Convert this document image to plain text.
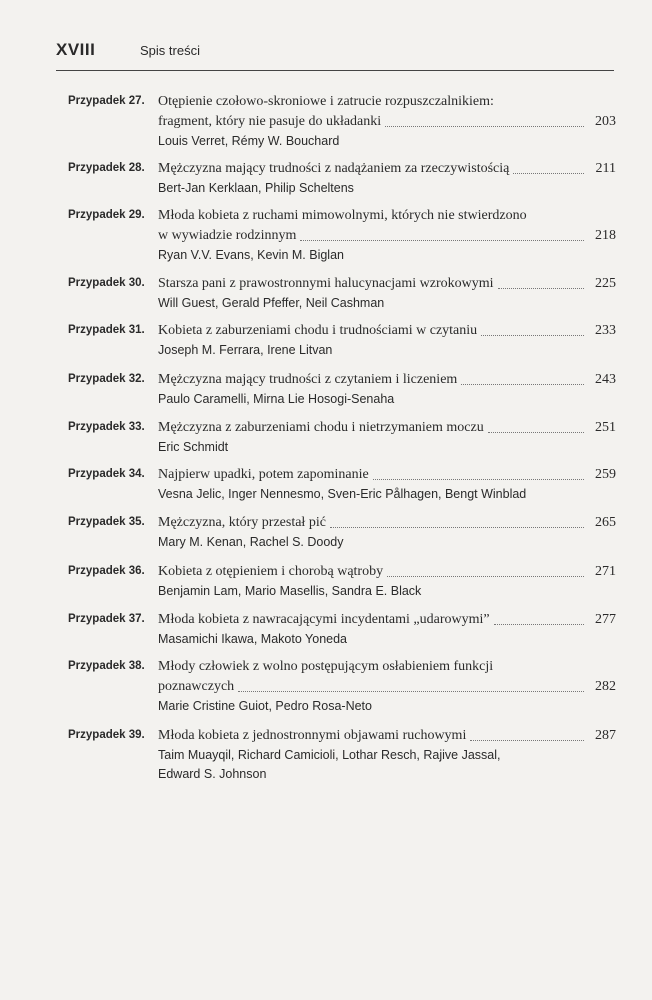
XVIII	Spis treści
Przypadek 27. Otępienie czołowo-skroniowe i zatrucie rozpuszczalnikiem:
fragment, który nie pasuje do układanki	203
Louis Verret, Rémy W. Bouchard
Przypadek 28. Mężczyzna mający trudności z nadążaniem za rzeczywistością	211
Bert-Jan Kerklaan, Philip Scheltens
Przypadek 29. Młoda kobieta z ruchami mimowolnymi, których nie stwierdzono
w wywiadzie rodzinnym	218
Ryan V.V. Evans, Kevin M. Biglan
Przypadek 30. Starsza pani z prawostronnymi halucynacjami wzrokowymi	225
Will Guest, Gerald Pfeffer, Neil Cashman
Przypadek 31. Kobieta z zaburzeniami chodu i trudnościami w czytaniu	233
Joseph M. Ferrara, Irene Litvan
Przypadek 32. Mężczyzna mający trudności z czytaniem i liczeniem	243
Paulo Caramelli, Mirna Lie Hosogi-Senaha
Przypadek 33. Mężczyzna z zaburzeniami chodu i nietrzymaniem moczu	251
Eric Schmidt
Przypadek 34. Najpierw upadki, potem zapominanie	259
Vesna Jelic, Inger Nennesmo, Sven-Eric Pålhagen, Bengt Winblad
Przypadek 35. Mężczyzna, który przestał pić	265
Mary M. Kenan, Rachel S. Doody
Przypadek 36. Kobieta z otępieniem i chorobą wątroby	271
Benjamin Lam, Mario Masellis, Sandra E. Black
Przypadek 37. Młoda kobieta z nawracającymi incydentami „udarowymi”	277
Masamichi Ikawa, Makoto Yoneda
Przypadek 38. Młody człowiek z wolno postępującym osłabieniem funkcji
poznawczych	282
Marie Cristine Guiot, Pedro Rosa-Neto
Przypadek 39. Młoda kobieta z jednostronnymi objawami ruchowymi	287
Taim Muayqil, Richard Camicioli, Lothar Resch, Rajive Jassal,
Edward S. Johnson
